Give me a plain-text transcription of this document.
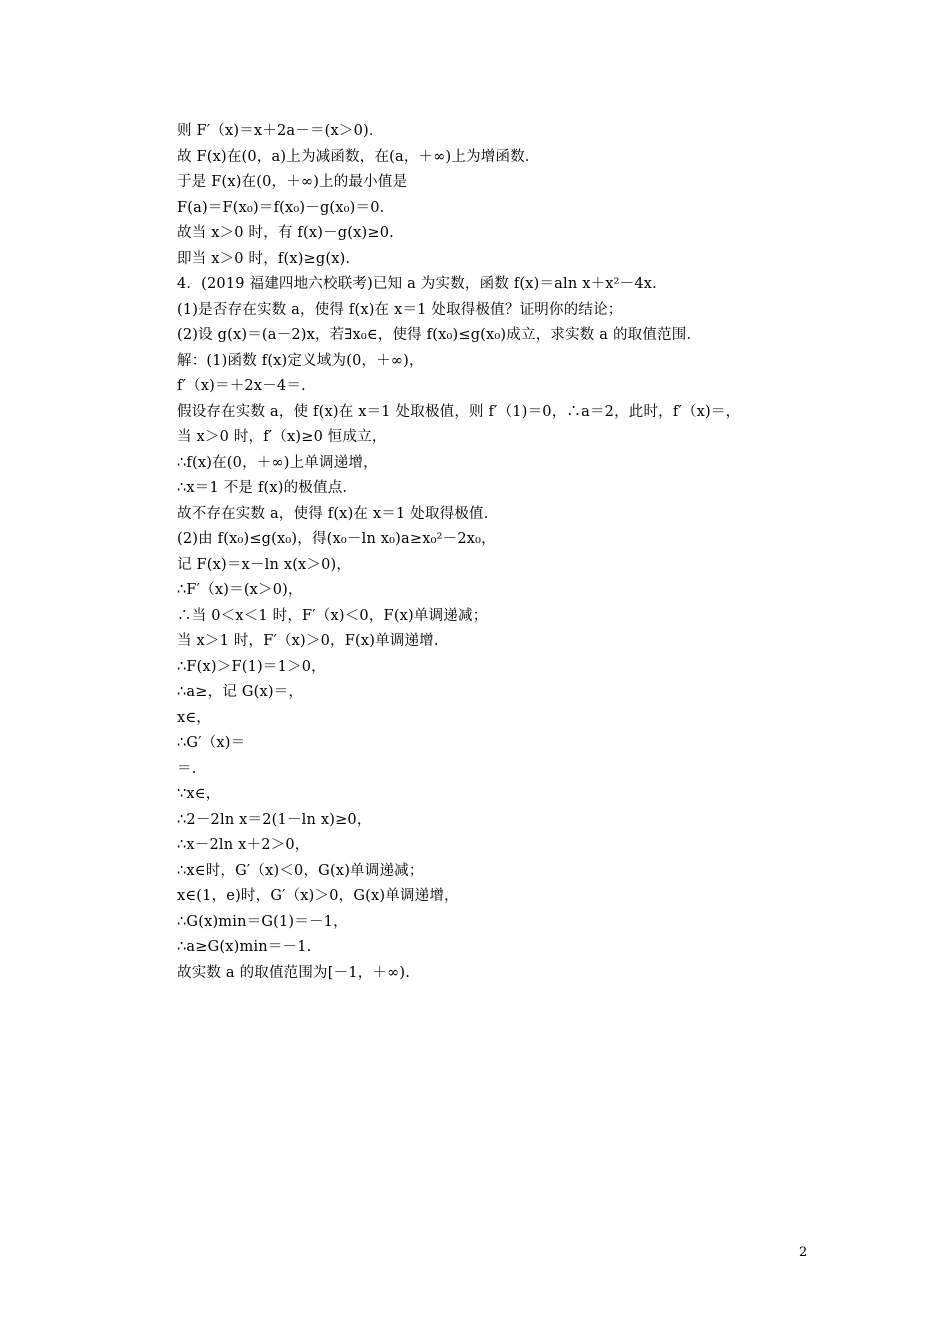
则 F′（x)＝x＋2a－＝(x＞0)．
故 F(x)在(0，a)上为减函数，在(a，＋∞)上为增函数．
于是 F(x)在(0，＋∞)上的最小值是
F(a)＝F(x₀)＝f(x₀)－g(x₀)＝0.
故当 x＞0 时，有 f(x)－g(x)≥0.
即当 x＞0 时，f(x)≥g(x)．
4．(2019 福建四地六校联考)已知 a 为实数，函数 f(x)＝aln x＋x²－4x.
(1)是否存在实数 a，使得 f(x)在 x＝1 处取得极值？证明你的结论；
(2)设 g(x)＝(a－2)x，若∃x₀∈，使得 f(x₀)≤g(x₀)成立，求实数 a 的取值范围．
解：(1)函数 f(x)定义域为(0，＋∞)，
f′（x)＝＋2x－4＝.
假设存在实数 a，使 f(x)在 x＝1 处取极值，则 f′（1)＝0，∴a＝2，此时，f′（x)＝，
当 x＞0 时，f′（x)≥0 恒成立，
∴f(x)在(0，＋∞)上单调递增，
∴x＝1 不是 f(x)的极值点.
故不存在实数 a，使得 f(x)在 x＝1 处取得极值.
(2)由 f(x₀)≤g(x₀)，得(x₀－ln x₀)a≥x₀²－2x₀，
记 F(x)＝x－ln x(x＞0)，
∴F′（x)＝(x＞0)，
∴当 0＜x＜1 时，F′（x)＜0，F(x)单调递减；
当 x＞1 时，F′（x)＞0，F(x)单调递增.
∴F(x)＞F(1)＝1＞0，
∴a≥，记 G(x)＝，
x∈，
∴G′（x)＝
＝.
∵x∈，
∴2－2ln x＝2(1－ln x)≥0，
∴x－2ln x＋2＞0，
∴x∈时，G′（x)＜0，G(x)单调递减；
x∈(1，e)时，G′（x)＞0，G(x)单调递增，
∴G(x)min＝G(1)＝－1，
∴a≥G(x)min＝－1.
故实数 a 的取值范围为[－1，＋∞).
2
